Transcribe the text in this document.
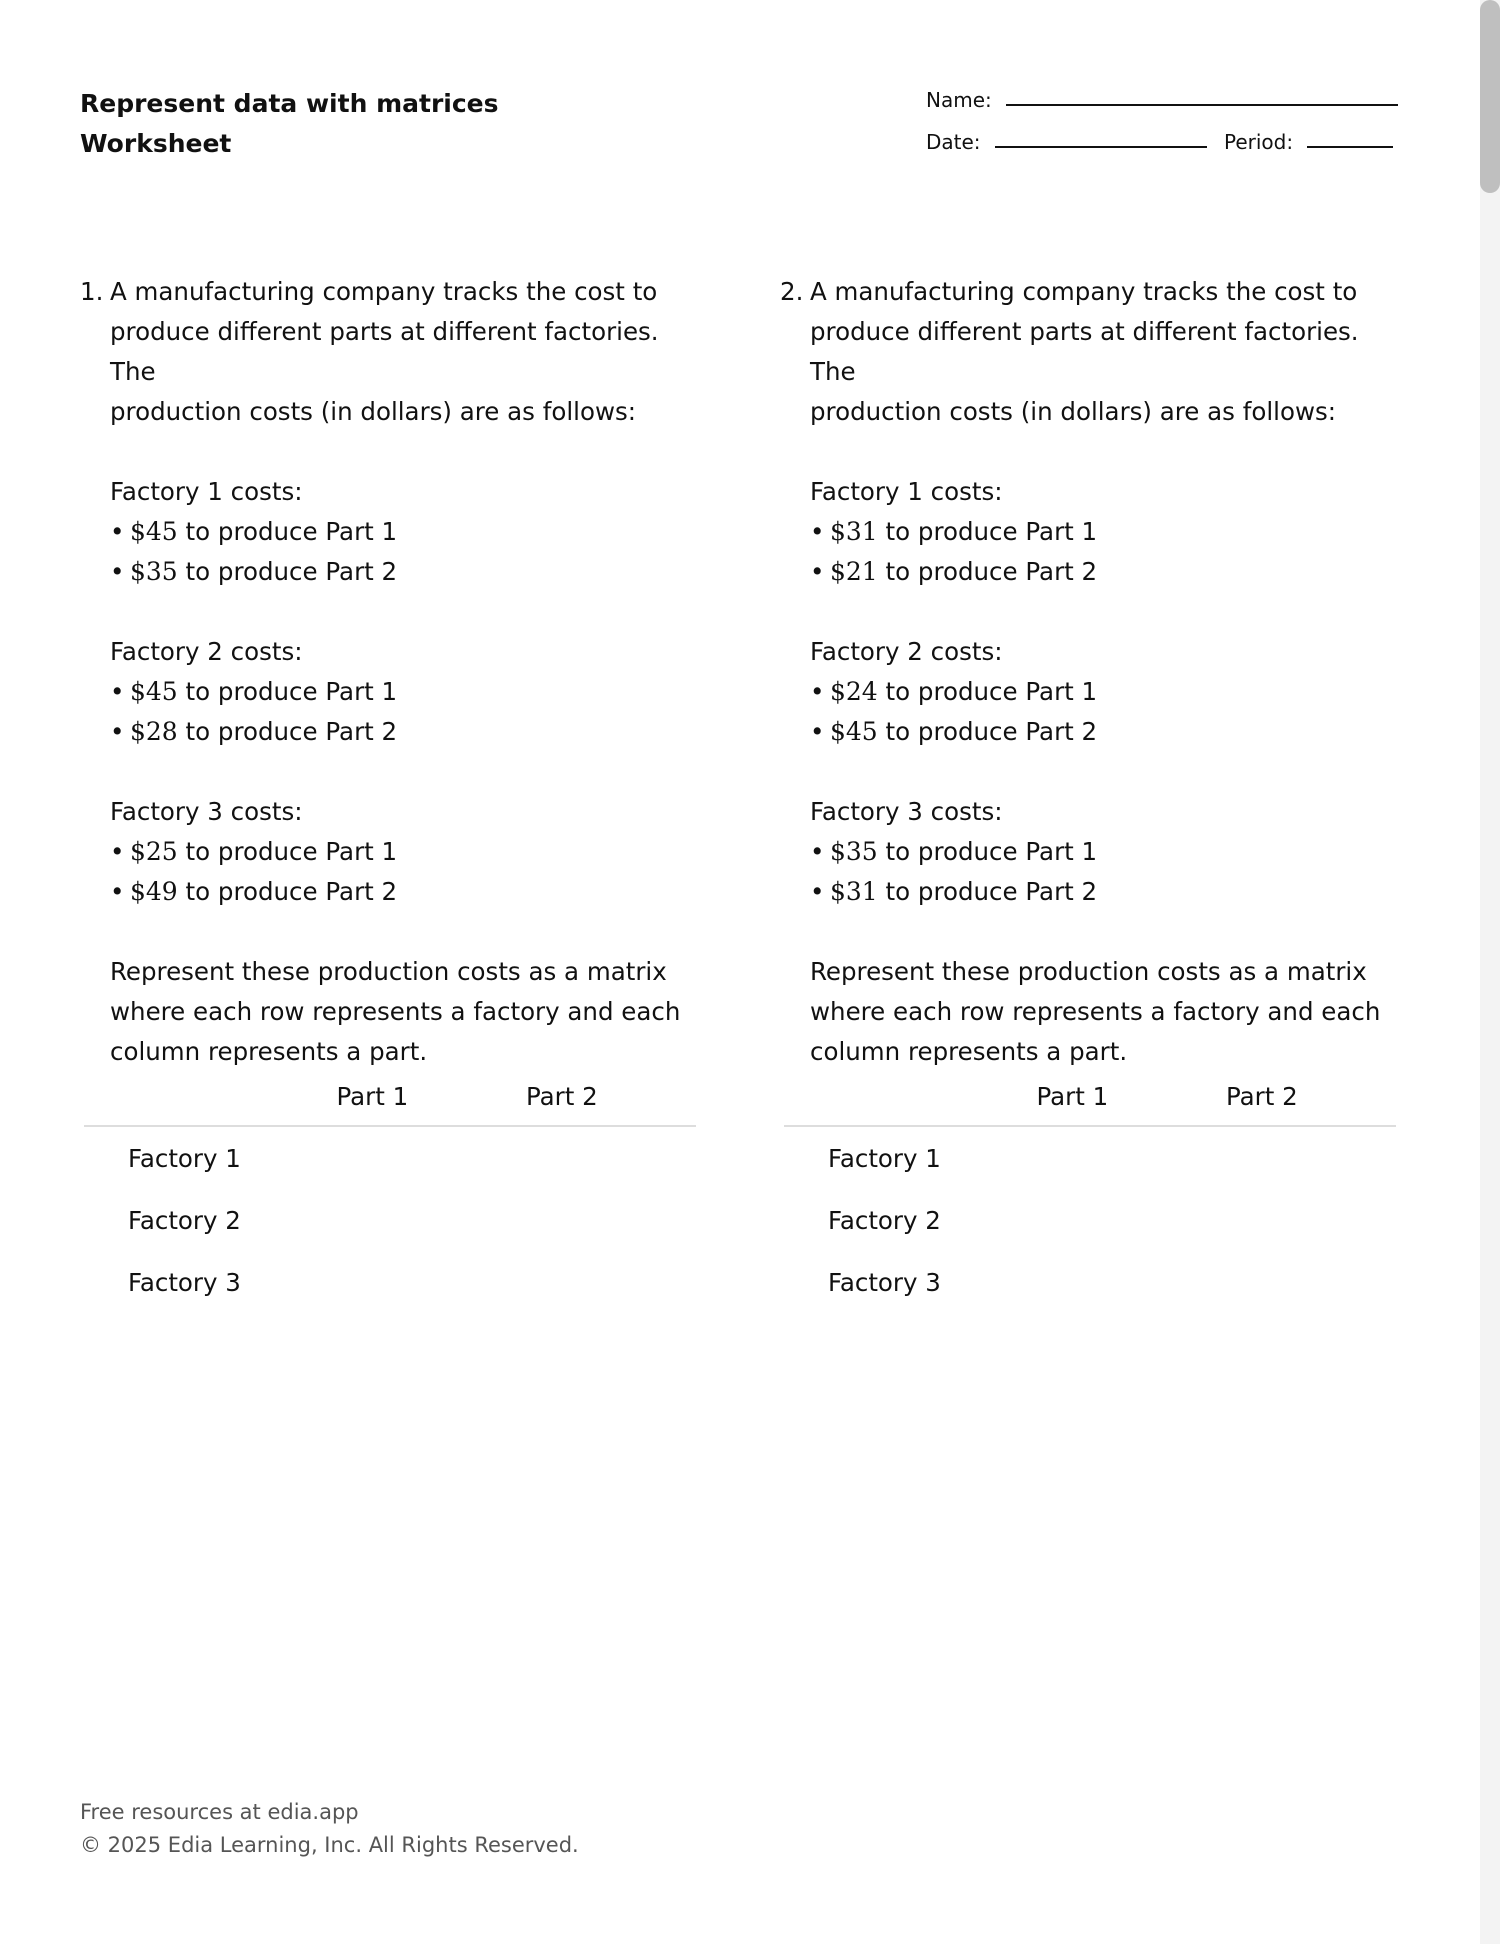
Represent data with matrices
Worksheet
Name:
Date:	Period:
1. A manufacturing company tracks the cost to

produce different parts at different factories. The

production costs (in dollars) are as follows:

Factory 1 costs:

• $45
to produce Part 1
• $35
to produce Part 2

Factory 2 costs:

• $45
to produce Part 1
• $28
to produce Part 2

Factory 3 costs:

• $25
to produce Part 1
• $49
to produce Part 2

Represent these production costs as a matrix

where each row represents a factory and each

column represents a part.

	Part 1	Part 2
Factory 1		
Factory 2		
Factory 3		
2. A manufacturing company tracks the cost to

produce different parts at different factories. The

production costs (in dollars) are as follows:

Factory 1 costs:

• $31
to produce Part 1
• $21
to produce Part 2

Factory 2 costs:

• $24
to produce Part 1
• $45
to produce Part 2

Factory 3 costs:

• $35
to produce Part 1
• $31
to produce Part 2

Represent these production costs as a matrix

where each row represents a factory and each

column represents a part.

	Part 1	Part 2
Factory 1		
Factory 2		
Factory 3		
Free resources at edia.app
© 2025 Edia Learning, Inc. All Rights Reserved.
